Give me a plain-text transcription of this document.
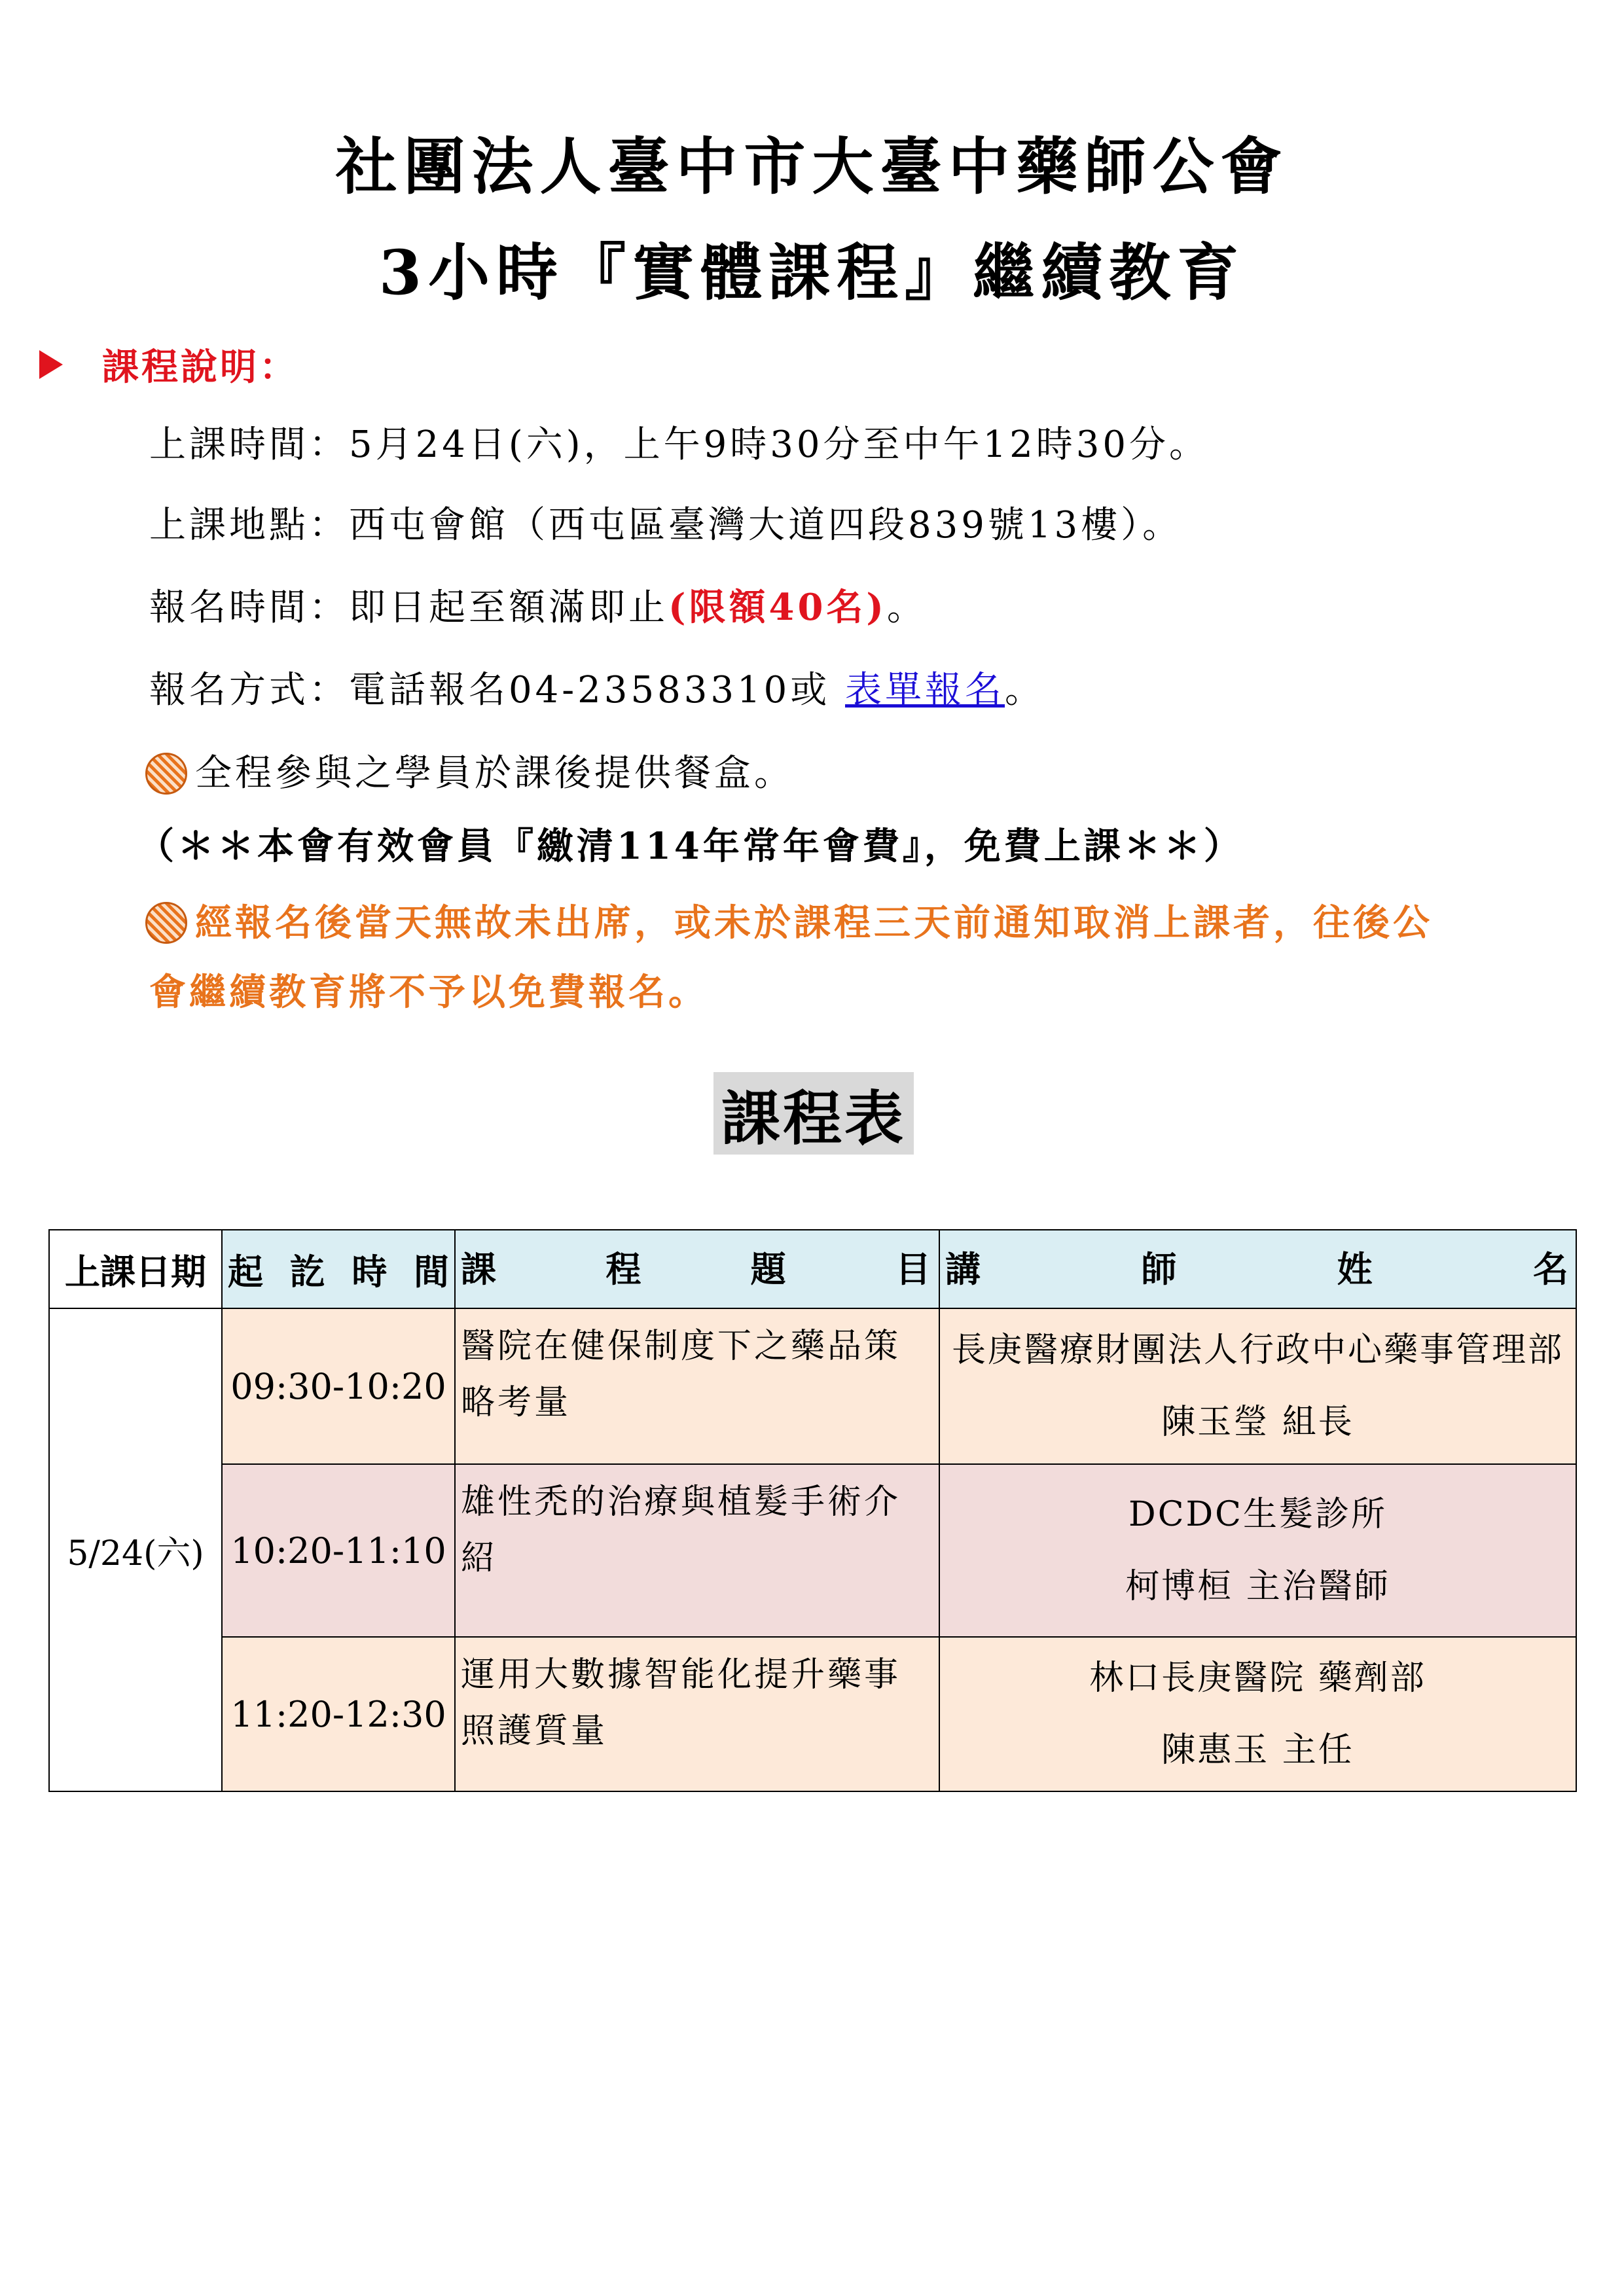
社團法人臺中市大臺中藥師公會
3小時『實體課程』繼續教育
課程說明：
上課時間：5月24日(六)，上午9時30分至中午12時30分。
上課地點：西屯會館（西屯區臺灣大道四段839號13樓）。
報名時間：即日起至額滿即止(限額40名)。
報名方式：電話報名04-23583310或 表單報名。
全程參與之學員於課後提供餐盒。
（＊＊本會有效會員『繳清114年常年會費』，免費上課＊＊）
經報名後當天無故未出席，或未於課程三天前通知取消上課者，往後公
會繼續教育將不予以免費報名。
課程表
上課日期	起 訖 時 間	課 程 題 目	講 師 姓 名

5/24(六)	09:30-10:20	醫院在健保制度下之藥品策略考量	長庚醫療財團法人行政中心藥事管理部
陳玉瑩 組長

	10:20-11:10	雄性禿的治療與植髮手術介紹	DCDC生髮診所
柯博桓 主治醫師

	11:20-12:30	運用大數據智能化提升藥事照護質量	林口長庚醫院 藥劑部
陳惠玉 主任
